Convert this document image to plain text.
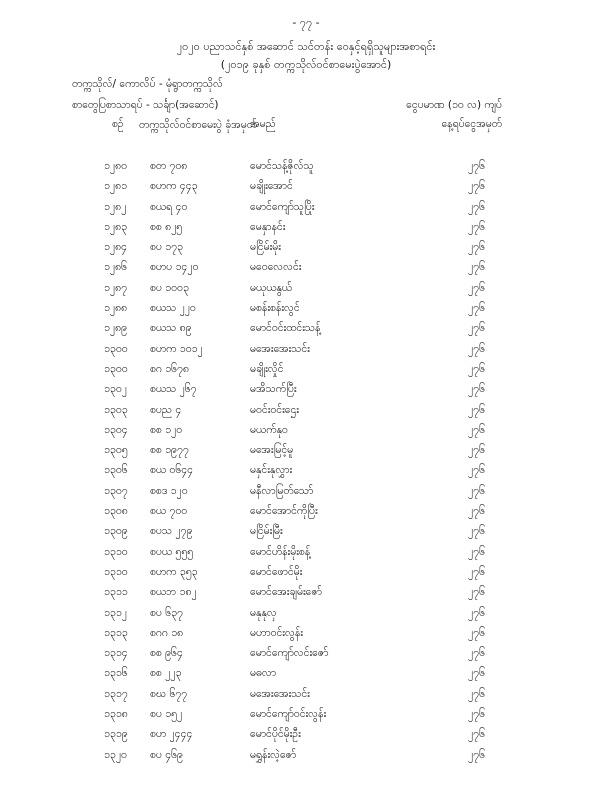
- ၇၇ -
၂၀၂၀ ပညာသင်နှစ် အဆောင် သင်တန်း ဝေနှင့်ရရှိသူများအစာရင်း
(၂၀၁၉ ခုနှစ် တက္ကသိုလ်ဝင်စာမေးပွဲအောင်)
တက္ကသိုလ်/ ကောလိပ် - မုံရွာတက္ကသိုလ်
စာတွေပြစာသာရပ် - သင်္ချာ(အဆောင်)	ငွေပမာဏ (၁၀ လ) ကျပ်
စဉ် တက္ကသိုလ်ဝင်စာမေးပွဲ ခုံအမှတ်
အမည်	နေ့ရပ်ငွေအမှတ်
၁၂၈၀ စတ ၇၀၈	မောင်သန့်ဇိုလ်သူ	၂၇၆
၁၂၈၁ စဟက ၄၄၃	မချိုးအောင်	၂၇၆
၁၂၈၂ စယရ ၄၀	မောင်ကျော်သူပြိုး	၂၇၆
၁၂၈၃ စစ ၈၂၅	မေနှာနင်း	၂၇၆
၁၂၈၄ စပ ၁၇၃	မငြိမ်းမိုး	၂၇၆
၁၂၈၆ စဟပ ၁၄၂၀	မဝေလေလင်း	၂၇၆
၁၂၈၇ စပ ၁၀၀၃	မယုယနွယ်	၂၇၆
၁၂၈၈ စယသ ၂၂၀	မစန်းစန်းလွင်	၂၇၆
၁၂၈၉ စယသ ၈၉	မောင်ဝင်းထင်းသန့်	၂၇၆
၁၃၀၀ စဟက ၁၀၁၂	မအေးအေးသင်း	၂၇၆
၁၃၀၀ စဂ ၁၆၇၈	မချိုးလှိုင်	၂၇၆
၁၃၀၂ စယသ ၂၆၇	မအိသက်ပြီး	၂၇၆
၁၃၀၃ စပည ၄	မဝင်းဝင်းဌေး	၂၇၆
၁၃၀၄ စစ ၁၂၀	မယက်နုဝ	၂၇၆
၁၃၀၅ စစ ၁၉၇၇	မအေးမြင့်မူ	၂၇၆
၁၃၀၆ စယ ၀၆၄၄	မနှင်းနုလွှား	၂၇၆
၁၃၀၇ စစဒ ၁၂၀	မနီလာမြတ်သော်	၂၇၆
၁၃၀၈ စယ ၇၀၀	မောင်အောင်ကိုပြီး	၂၇၆
၁၃၀၉ စပသ ၂၇၉	မငြိမ်းမြီး	၂၇၆
၁၃၁၀ စပယ ၅၅၅	မောင်ဟိန်းမိုးစန့်	၂၇၆
၁၃၁၀ စဟက ၃၅၃	မောင်ဖောင်မိုး	၂၇၆
၁၃၁၁ စယဘ ၁၈၂	မောင်အေးချမ်းဇော်	၂၇၆
၁၃၁၂ စပ ၆၃၇	မနုနုလှ	၂၇၆
၁၃၁၃ စဂဂ ၁၈	မဟာဝင်းလွန်း	၂၇၆
၁၃၁၄ စစ ၉၆၄	မောင်ကျော်လင်းဇော်	၂၇၆
၁၃၁၆ စစ ၂၂၃	မဓလာ	၂၇၆
၁၃၁၇ စဃ ၆၇၇	မအေးအေးသင်း	၂၇၆
၁၃၁၈ စပ ၁၅၂	မောင်ကျော်ဝင်းလွန်း	၂၇၆
၁၃၁၉ စဟ ၂၄၄၄	မောင်ပိုင်မိုးဦး	၂၇၆
၁၃၂၀ စပ ၄၆၉	မရွှန်းလဲ့ဇော်	၂၇၆
